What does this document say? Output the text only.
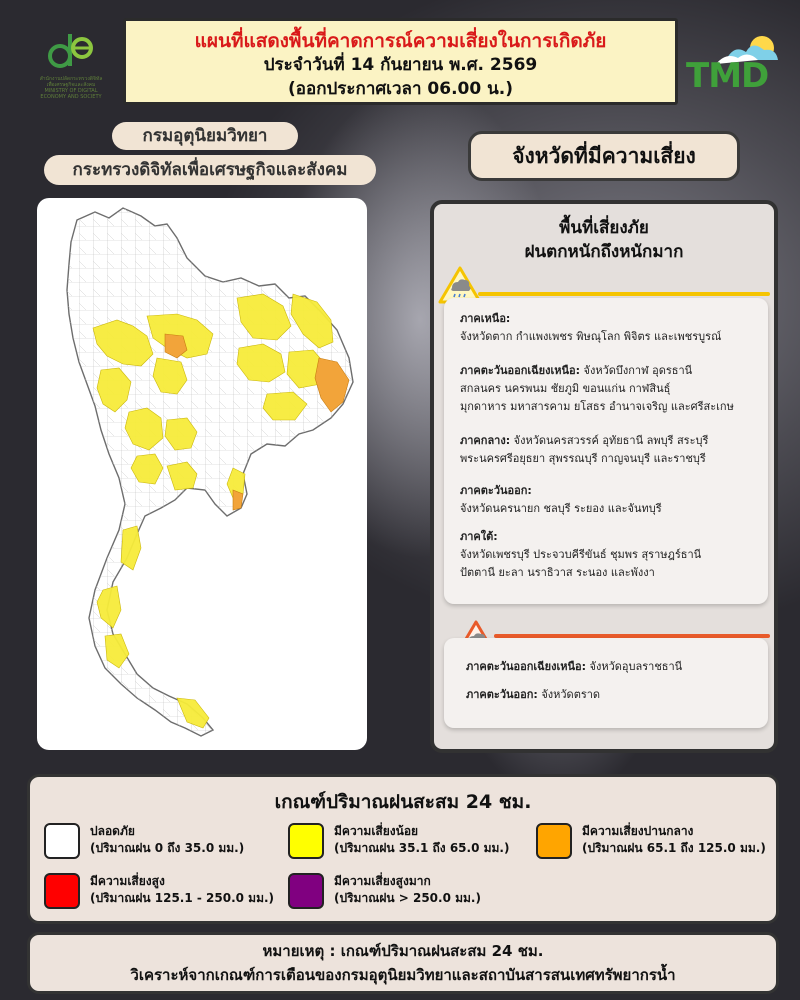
สำนักงานปลัดกระทรวงดิจิทัลเพื่อเศรษฐกิจและสังคม MINISTRY OF DIGITAL ECONOMY AND SOCIETY
แผนที่แสดงพื้นที่คาดการณ์ความเสี่ยงในการเกิดภัย
ประจำวันที่ 14 กันยายน พ.ศ. 2569
(ออกประกาศเวลา 06.00 น.)	TMD
กรมอุตุนิยมวิทยา
กระทรวงดิจิทัลเพื่อเศรษฐกิจและสังคม
จังหวัดที่มีความเสี่ยง
พื้นที่เสี่ยงภัย
ฝนตกหนักถึงหนักมาก
ภาคเหนือ:
จังหวัดตาก กำแพงเพชร พิษณุโลก พิจิตร และเพชรบูรณ์
ภาคตะวันออกเฉียงเหนือ: จังหวัดบึงกาฬ อุดรธานี
สกลนคร นครพนม ชัยภูมิ ขอนแก่น กาฬสินธุ์
มุกดาหาร มหาสารคาม ยโสธร อำนาจเจริญ และศรีสะเกษ
ภาคกลาง: จังหวัดนครสวรรค์ อุทัยธานี ลพบุรี สระบุรี
พระนครศรีอยุธยา สุพรรณบุรี กาญจนบุรี และราชบุรี
ภาคตะวันออก:
จังหวัดนครนายก ชลบุรี ระยอง และจันทบุรี
ภาคใต้:
จังหวัดเพชรบุรี ประจวบคีรีขันธ์ ชุมพร สุราษฎร์ธานี
ปัตตานี ยะลา นราธิวาส ระนอง และพังงา
ภาคตะวันออกเฉียงเหนือ: จังหวัดอุบลราชธานี
ภาคตะวันออก: จังหวัดตราด
เกณฑ์ปริมาณฝนสะสม 24 ชม.
ปลอดภัย
(ปริมาณฝน 0 ถึง 35.0 มม.)
มีความเสี่ยงน้อย
(ปริมาณฝน 35.1 ถึง 65.0 มม.)
มีความเสี่ยงปานกลาง
(ปริมาณฝน 65.1 ถึง 125.0 มม.)
มีความเสี่ยงสูง
(ปริมาณฝน 125.1 - 250.0 มม.)
มีความเสี่ยงสูงมาก
(ปริมาณฝน > 250.0 มม.)
หมายเหตุ : เกณฑ์ปริมาณฝนสะสม 24 ชม.
วิเคราะห์จากเกณฑ์การเตือนของกรมอุตุนิยมวิทยาและสถาบันสารสนเทศทรัพยากรน้ำ
